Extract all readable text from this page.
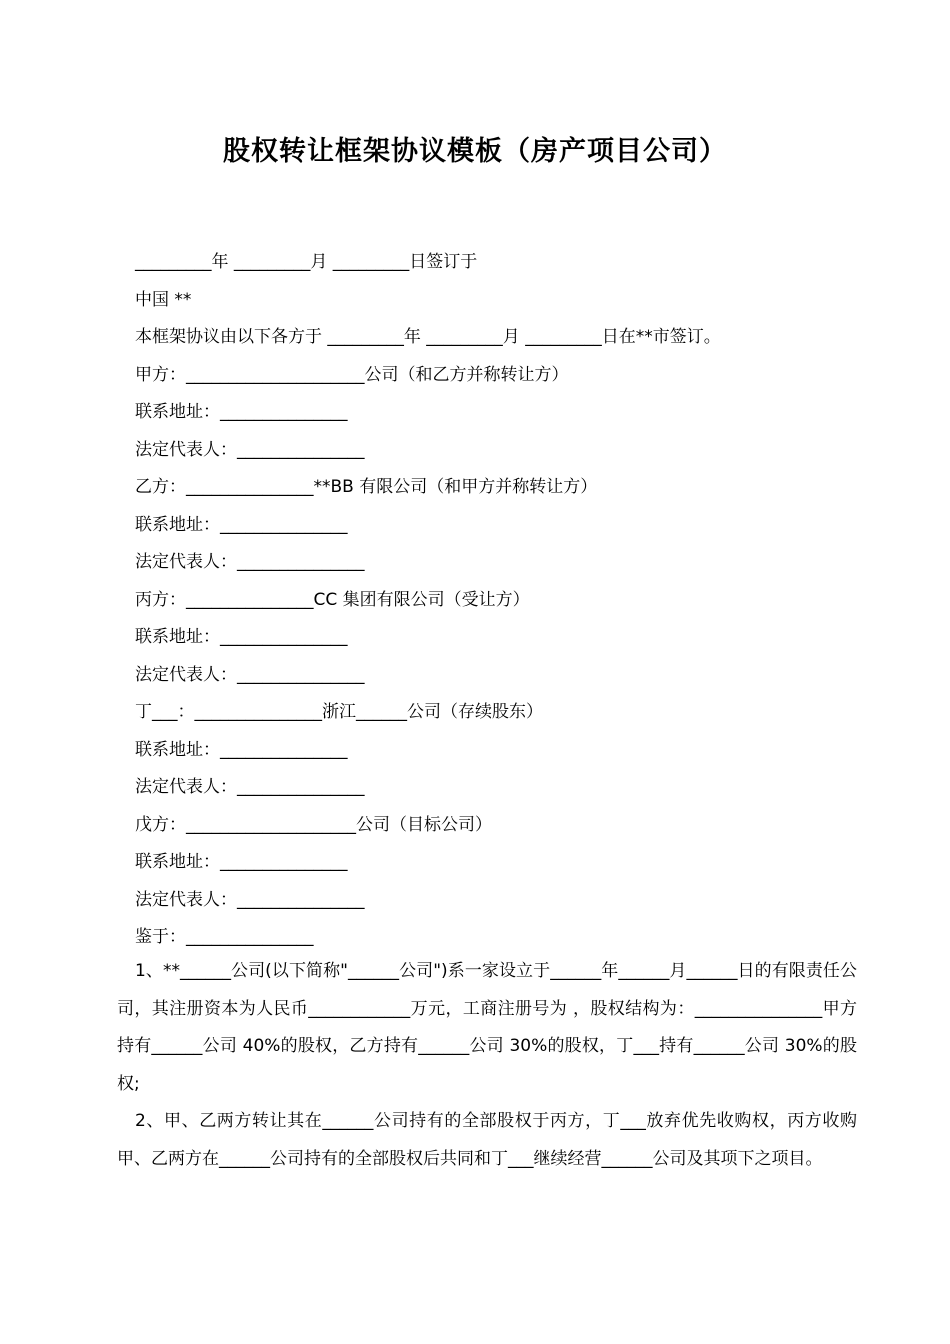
股权转让框架协议模板（房产项目公司）
_________年 _________月 _________日签订于
中国 **
本框架协议由以下各方于 _________年 _________月 _________日在**市签订。
甲方：_____________________公司（和乙方并称转让方）
联系地址：_______________
法定代表人：_______________
乙方：_______________**BB 有限公司（和甲方并称转让方）
联系地址：_______________
法定代表人：_______________
丙方：_______________CC 集团有限公司（受让方）
联系地址：_______________
法定代表人：_______________
丁___：_______________浙江______公司（存续股东）
联系地址：_______________
法定代表人：_______________
戊方：____________________公司（目标公司）
联系地址：_______________
法定代表人：_______________
鉴于：_______________
1、**______公司(以下简称"______公司")系一家设立于______年______月______日的有限责任公司，其注册资本为人民币____________万元，工商注册号为 ，股权结构为：_______________甲方持有______公司 40%的股权，乙方持有______公司 30%的股权，丁___持有______公司 30%的股权;
2、甲、乙两方转让其在______公司持有的全部股权于丙方，丁___放弃优先收购权，丙方收购甲、乙两方在______公司持有的全部股权后共同和丁___继续经营______公司及其项下之项目。
